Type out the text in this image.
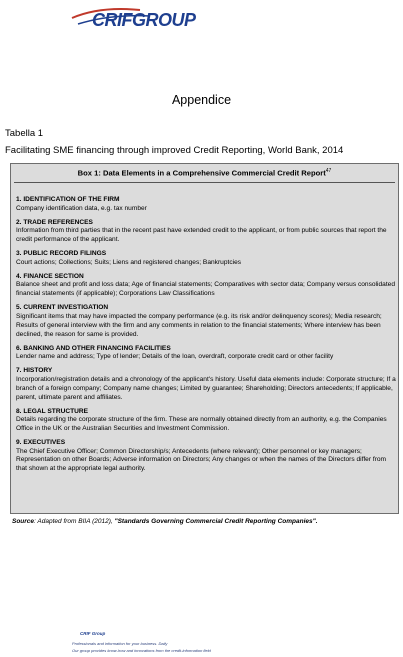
CRIFGROUP
Appendice
Tabella 1
Facilitating SME financing through improved Credit Reporting, World Bank, 2014
Box 1: Data Elements in a Comprehensive Commercial Credit Report$^{47}$
1. IDENTIFICATION OF THE FIRM
Company identification data, e.g. tax number
2. TRADE REFERENCES
Information from third parties that in the recent past have extended credit to the applicant, or from public sources that report the credit performance of the applicant.
3. PUBLIC RECORD FILINGS
Court actions; Collections; Suits; Liens and registered changes; Bankruptcies
4. FINANCE SECTION
Balance sheet and profit and loss data; Age of financial statements; Comparatives with sector data; Company versus consolidated financial statements (if applicable); Corporations Law Classifications
5. CURRENT INVESTIGATION
Significant items that may have impacted the company performance (e.g. its risk and/or delinquency scores); Media research; Results of general interview with the firm and any comments in relation to the financial statements; Where interview has been declined, the reason for same is provided.
6. BANKING AND OTHER FINANCING FACILITIES
Lender name and address; Type of lender; Details of the loan, overdraft, corporate credit card or other facility
7. HISTORY
Incorporation/registration details and a chronology of the applicant's history. Useful data elements include: Corporate structure; If a branch of a foreign company; Company name changes; Limited by guarantee; Shareholding; Directors antecedents; If applicable, parent, ultimate parent and affiliates.
8. LEGAL STRUCTURE
Details regarding the corporate structure of the firm. These are normally obtained directly from an authority, e.g. the Companies Office in the UK or the Australian Securities and Investment Commission.
9. EXECUTIVES
The Chief Executive Officer; Common Directorship/s; Antecedents (where relevant); Other personnel or key managers; Representation on other Boards; Adverse information on Directors; Any changes or when the names of the Directors differ from that shown at the appropriate legal authority.
Source: Adapted from BIIA (2012), "Standards Governing Commercial Credit Reporting Companies".
CRIF Group
Professionals and information for your business. Daily
Our group provides know-how and innovations from the credit-information field
